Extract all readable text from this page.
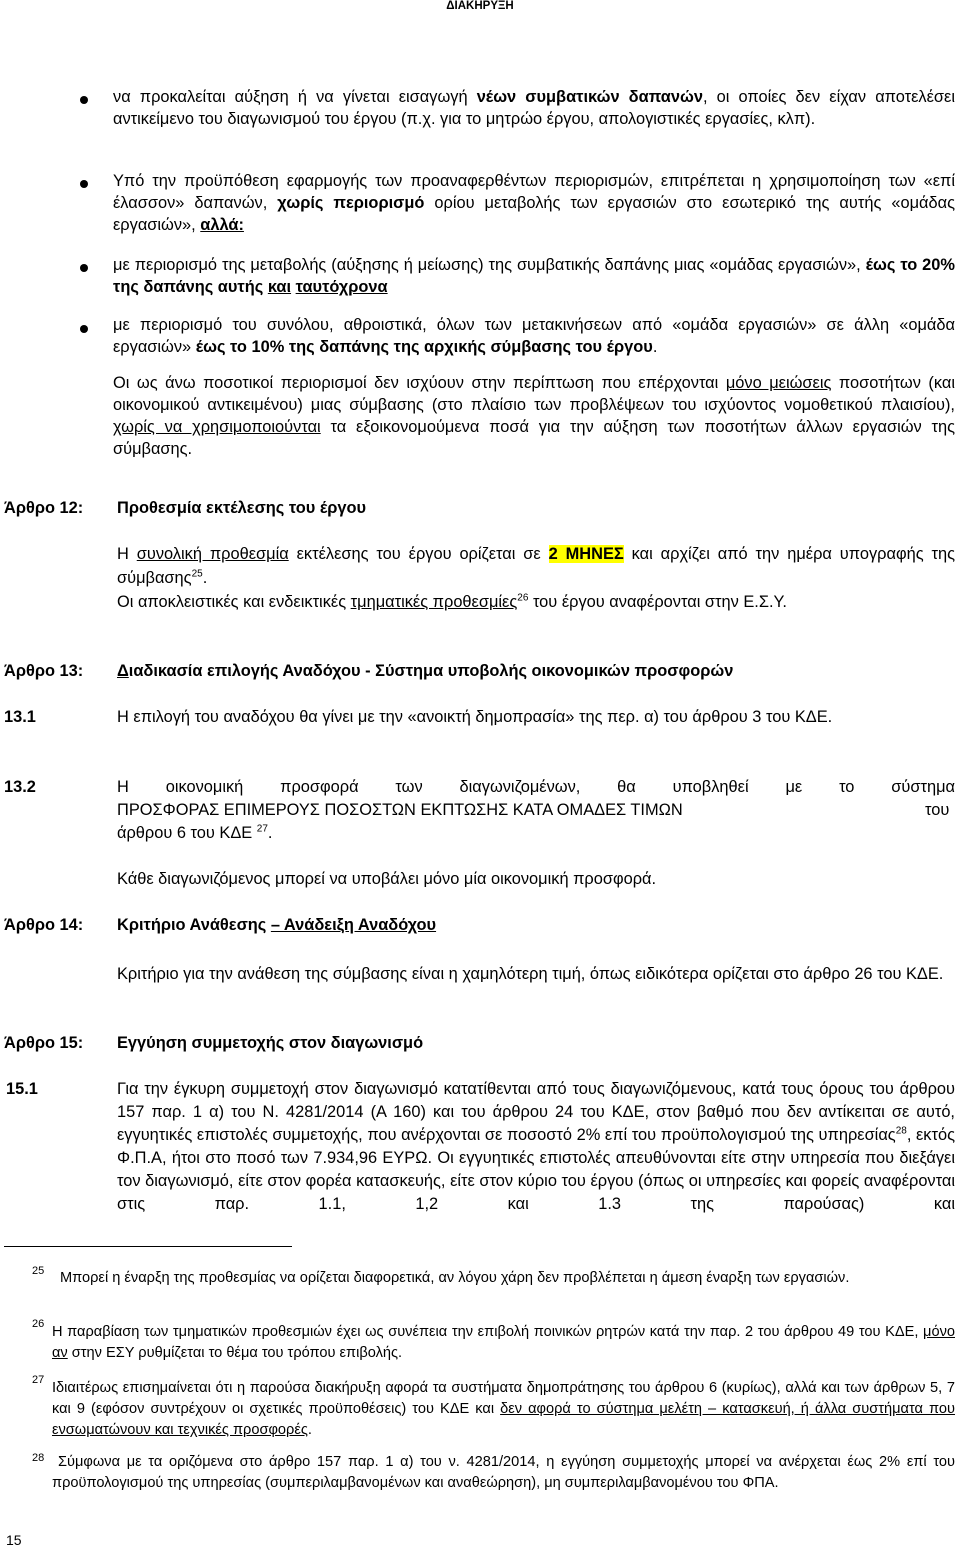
ΔΙΑΚΗΡΥΞΗ
να προκαλείται αύξηση ή να γίνεται εισαγωγή νέων συμβατικών δαπανών, οι οποίες δεν είχαν αποτελέσει αντικείμενο του διαγωνισμού του έργου (π.χ. για το μητρώο έργου, απολογιστικές εργασίες, κλπ).
Υπό την προϋπόθεση εφαρμογής των προαναφερθέντων περιορισμών, επιτρέπεται η χρησιμοποίηση των «επί έλασσον» δαπανών, χωρίς περιορισμό ορίου μεταβολής των εργασιών στο εσωτερικό της αυτής «ομάδας εργασιών», αλλά:
με περιορισμό της μεταβολής (αύξησης ή μείωσης) της συμβατικής δαπάνης μιας «ομάδας εργασιών», έως το 20% της δαπάνης αυτής και ταυτόχρονα
με περιορισμό του συνόλου, αθροιστικά, όλων των μετακινήσεων από «ομάδα εργασιών» σε άλλη «ομάδα εργασιών» έως το 10% της δαπάνης της αρχικής σύμβασης του έργου.
Οι ως άνω ποσοτικοί περιορισμοί δεν ισχύουν στην περίπτωση που επέρχονται μόνο μειώσεις ποσοτήτων (και οικονομικού αντικειμένου) μιας σύμβασης (στο πλαίσιο των προβλέψεων του ισχύοντος νομοθετικού πλαισίου), χωρίς να χρησιμοποιούνται τα εξοικονομούμενα ποσά για την αύξηση των ποσοτήτων άλλων εργασιών της σύμβασης.
Άρθρο 12: Προθεσμία εκτέλεσης του έργου
Η συνολική προθεσμία εκτέλεσης του έργου ορίζεται σε 2 ΜΗΝΕΣ και αρχίζει από την ημέρα υπογραφής της σύμβασης$^{25}$.
Οι αποκλειστικές και ενδεικτικές τμηματικές προθεσμίες$^{26}$ του έργου αναφέρονται στην Ε.Σ.Υ.
Άρθρο 13: Διαδικασία επιλογής Αναδόχου - Σύστημα υποβολής οικονομικών προσφορών
13.1	Η επιλογή του αναδόχου θα γίνει με την «ανοικτή δημοπρασία» της περ. α) του άρθρου 3 του ΚΔΕ.
13.2	Η οικονομική προσφορά των διαγωνιζομένων, θα υποβληθεί με το σύστημα
ΠΡΟΣΦΟΡΑΣ ΕΠΙΜΕΡΟΥΣ ΠΟΣΟΣΤΩΝ ΕΚΠΤΩΣΗΣ ΚΑΤΑ ΟΜΑΔΕΣ ΤΙΜΩΝ	του
άρθρου 6 του ΚΔΕ $^{27}$.
Κάθε διαγωνιζόμενος μπορεί να υποβάλει μόνο μία οικονομική προσφορά.
Άρθρο 14: Κριτήριο Ανάθεσης – Ανάδειξη Αναδόχου
Κριτήριο για την ανάθεση της σύμβασης είναι η χαμηλότερη τιμή, όπως ειδικότερα ορίζεται στο άρθρο 26 του ΚΔΕ.
Άρθρο 15: Εγγύηση συμμετοχής στον διαγωνισμό
15.1	Για την έγκυρη συμμετοχή στον διαγωνισμό κατατίθενται από τους διαγωνιζόμενους, κατά τους όρους του άρθρου 157 παρ. 1 α) του Ν. 4281/2014 (Α 160) και του άρθρου 24 του ΚΔΕ, στον βαθμό που δεν αντίκειται σε αυτό, εγγυητικές επιστολές συμμετοχής, που ανέρχονται σε ποσοστό 2% επί του προϋπολογισμού της υπηρεσίας$^{28}$, εκτός Φ.Π.Α, ήτοι στο ποσό των 7.934,96 ΕΥΡΩ. Οι εγγυητικές επιστολές απευθύνονται είτε στην υπηρεσία που διεξάγει τον διαγωνισμό, είτε στον φορέα κατασκευής, είτε στον κύριο του έργου (όπως οι υπηρεσίες και φορείς αναφέρονται στις παρ. 1.1, 1,2 και 1.3 της παρούσας) και
25	Μπορεί η έναρξη της προθεσμίας να ορίζεται διαφορετικά, αν λόγου χάρη δεν προβλέπεται η άμεση έναρξη των εργασιών.
26 Η παραβίαση των τμηματικών προθεσμιών έχει ως συνέπεια την επιβολή ποινικών ρητρών κατά την παρ. 2 του άρθρου 49 του ΚΔΕ, μόνο αν στην ΕΣΥ ρυθμίζεται το θέμα του τρόπου επιβολής.
27 Ιδιαιτέρως επισημαίνεται ότι η παρούσα διακήρυξη αφορά τα συστήματα δημοπράτησης του άρθρου 6 (κυρίως), αλλά και των άρθρων 5, 7 και 9 (εφόσον συντρέχουν οι σχετικές προϋποθέσεις) του ΚΔΕ και δεν αφορά το σύστημα μελέτη – κατασκευή, ή άλλα συστήματα που ενσωματώνουν και τεχνικές προσφορές.
28 Σύμφωνα με τα οριζόμενα στο άρθρο 157 παρ. 1 α) του ν. 4281/2014, η εγγύηση συμμετοχής μπορεί να ανέρχεται έως 2% επί του προϋπολογισμού της υπηρεσίας (συμπεριλαμβανομένων και αναθεώρηση), μη συμπεριλαμβανομένου του ΦΠΑ.
15
